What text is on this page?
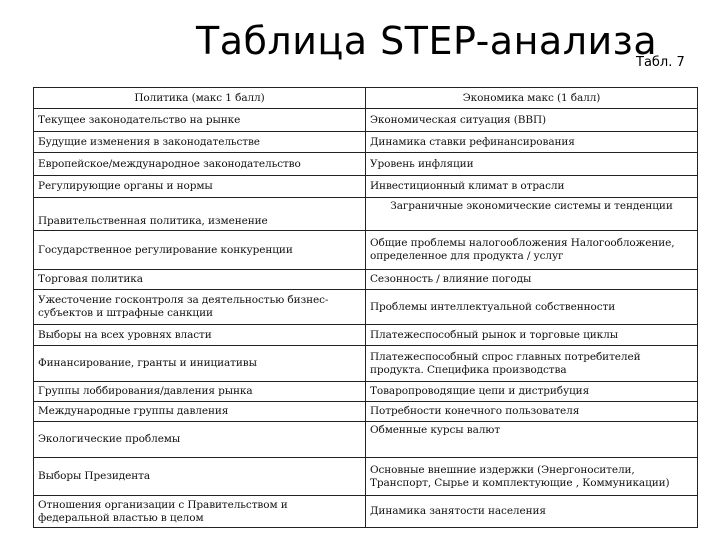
Таблица STEP-анализа
Табл. 7
Политика (макс 1 балл)	Экономика макс (1 балл)
Текущее законодательство на рынке	Экономическая ситуация (ВВП)
Будущие изменения в законодательстве	Динамика ставки рефинансирования
Европейское/международное законодательство	Уровень инфляции
Регулирующие органы и нормы	Инвестиционный климат в отрасли
Правительственная политика, изменение	Заграничные экономические системы и тенденции
Государственное регулирование конкуренции	Общие проблемы налогообложения Налогообложение, определенное для продукта / услуг
Торговая политика	Сезонность / влияние погоды
Ужесточение госконтроля за деятельностью бизнес-субъектов и штрафные санкции	Проблемы интеллектуальной собственности
Выборы на всех уровнях власти	Платежеспособный рынок и торговые циклы
Финансирование, гранты и инициативы	Платежеспособный спрос главных потребителей продукта. Специфика производства
Группы лоббирования/давления рынка	Товаропроводящие цепи и дистрибуция
Международные группы давления	Потребности конечного пользователя
Экологические проблемы	Обменные курсы валют
Выборы Президента	Основные внешние издержки (Энергоносители, Транспорт, Сырье и комплектующие , Коммуникации)
Отношения организации с Правительством и федеральной властью в целом	Динамика занятости населения
